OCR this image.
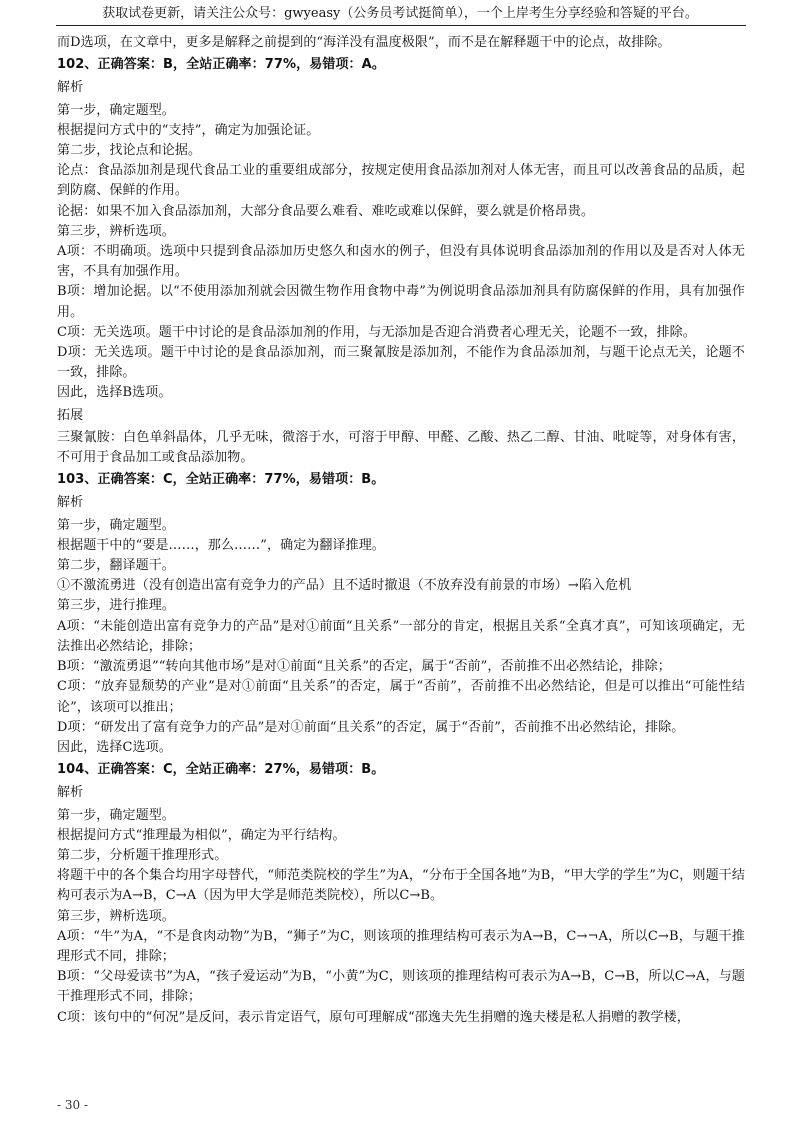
获取试卷更新，请关注公众号：gwyeasy（公务员考试挺简单），一个上岸考生分享经验和答疑的平台。

而D选项，在文章中，更多是解释之前提到的“海洋没有温度极限”，而不是在解释题干中的论点，故排除。

102、正确答案：B，全站正确率：77%，易错项：A。

解析

第一步，确定题型。

根据提问方式中的“支持”，确定为加强论证。

第二步，找论点和论据。

论点：食品添加剂是现代食品工业的重要组成部分，按规定使用食品添加剂对人体无害，而且可以改善食品的品质，起到防腐、保鲜的作用。

论据：如果不加入食品添加剂，大部分食品要么难看、难吃或难以保鲜，要么就是价格昂贵。

第三步，辨析选项。

A项：不明确项。选项中只提到食品添加历史悠久和卤水的例子，但没有具体说明食品添加剂的作用以及是否对人体无害，不具有加强作用。

B项：增加论据。以“不使用添加剂就会因微生物作用食物中毒”为例说明食品添加剂具有防腐保鲜的作用，具有加强作用。

C项：无关选项。题干中讨论的是食品添加剂的作用，与无添加是否迎合消费者心理无关，论题不一致，排除。

D项：无关选项。题干中讨论的是食品添加剂，而三聚氰胺是添加剂，不能作为食品添加剂，与题干论点无关，论题不一致，排除。

因此，选择B选项。

拓展

三聚氰胺：白色单斜晶体，几乎无味，微溶于水，可溶于甲醇、甲醛、乙酸、热乙二醇、甘油、吡啶等，对身体有害，不可用于食品加工或食品添加物。

103、正确答案：C，全站正确率：77%，易错项：B。

解析

第一步，确定题型。

根据题干中的“要是……，那么……”，确定为翻译推理。

第二步，翻译题干。

①不激流勇进（没有创造出富有竞争力的产品）且不适时撤退（不放弃没有前景的市场）→陷入危机

第三步，进行推理。

A项：“未能创造出富有竞争力的产品”是对①前面“且关系”一部分的肯定，根据且关系“全真才真”，可知该项确定，无法推出必然结论，排除；

B项：“激流勇退”“转向其他市场”是对①前面“且关系”的否定，属于“否前”，否前推不出必然结论，排除；

C项：“放弃显颓势的产业”是对①前面“且关系”的否定，属于“否前”，否前推不出必然结论，但是可以推出“可能性结论”，该项可以推出；

D项：“研发出了富有竞争力的产品”是对①前面“且关系”的否定，属于“否前”，否前推不出必然结论，排除。

因此，选择C选项。

104、正确答案：C，全站正确率：27%，易错项：B。

解析

第一步，确定题型。

根据提问方式“推理最为相似”，确定为平行结构。

第二步，分析题干推理形式。

将题干中的各个集合均用字母替代，“师范类院校的学生”为A，“分布于全国各地”为B，“甲大学的学生”为C，则题干结构可表示为A→B，C→A（因为甲大学是师范类院校），所以C→B。

第三步，辨析选项。

A项：“牛”为A，“不是食肉动物”为B，“狮子”为C，则该项的推理结构可表示为A→B，C→¬A，所以C→B，与题干推理形式不同，排除；

B项：“父母爱读书”为A，“孩子爱运动”为B，“小黄”为C，则该项的推理结构可表示为A→B，C→B，所以C→A，与题干推理形式不同，排除；

C项：该句中的“何况”是反问，表示肯定语气，原句可理解成“邵逸夫先生捐赠的逸夫楼是私人捐赠的教学楼，

- 30 -
